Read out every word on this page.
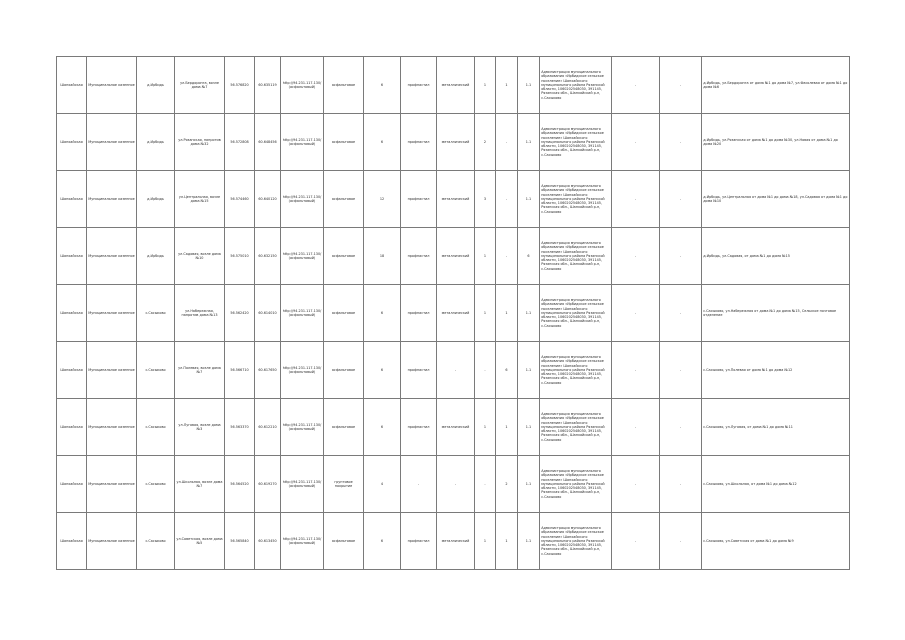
Шанхайская	Муниципальное казенное	д.Ирбидь	ул.Бердоронга, возле дома №7	56.576820	60.635119	http://94.231.117.130/ (асфальтовый)	асфальтовое	6	профнастил	металлический	1	1	1.1	Администрация муниципального образования «Ирбидское сельское поселение» Шанхайского муниципального района Рязанской области, 1060202548030, 391145, Рязанская обл., Шанхайский р-н, с.Сасыково	-	-	д.Ирбидь, ул.Бердоронга от дома №1 до дома №7, ул.Фасолевая от дома №1 до дома №6
Шанхайская	Муниципальное казенное	д.Ирбидь	ул.Рязанская, напротив дома №32	56.572808	60.648456	http://94.231.117.130/ (асфальтовый)	асфальтовое	6	профнастил	металлический	2	-	1.1	Администрация муниципального образования «Ирбидское сельское поселение» Шанхайского муниципального района Рязанской области, 1060202548030, 391145, Рязанская обл., Шанхайский р-н, с.Сасыково	-	-	д.Ирбидь, ул.Рязанская от дома №1 до дома №30, ул.Новая от дома №1 до дома №20
Шанхайская	Муниципальное казенное	д.Ирбидь	ул.Центральная, возле дома №15	56.574460	60.640120	http://94.231.117.130/ (асфальтовый)	асфальтовое	12	профнастил	металлический	3	-	1.1	Администрация муниципального образования «Ирбидское сельское поселение» Шанхайского муниципального района Рязанской области, 1060202548030, 391145, Рязанская обл., Шанхайский р-н, с.Сасыково	-	-	д.Ирбидь, ул.Центральная от дома №1 до дома №18, ул.Садовая от дома №1 до дома №10
Шанхайская	Муниципальное казенное	д.Ирбидь	ул.Садовая, возле дома №10	56.575010	60.632150	http://94.231.117.130/ (асфальтовый)	асфальтовое	18	профнастил	металлический	1	-	6	Администрация муниципального образования «Ирбидское сельское поселение» Шанхайского муниципального района Рязанской области, 1060202548030, 391145, Рязанская обл., Шанхайский р-н, с.Сасыково	-	-	д.Ирбидь, ул.Садовая, от дома №1 до дома №15
Шанхайская	Муниципальное казенное	с.Сасыково	ул.Набережная, напротив дома №13	56.562420	60.614010	http://94.231.117.130/ (асфальтовый)	асфальтовое	6	профнастил	металлический	1	1	1.1	Администрация муниципального образования «Ирбидское сельское поселение» Шанхайского муниципального района Рязанской области, 1060202548030, 391145, Рязанская обл., Шанхайский р-н, с.Сасыково	-	-	с.Сасыково, ул.Набережная от дома №1 до дома №15, Сельское почтовое отделение
Шанхайская	Муниципальное казенное	с.Сасыково	ул.Полевая, возле дома №7	56.566710	60.617650	http://94.231.117.130/ (асфальтовый)	асфальтовое	6	профнастил	-	-	6	1.1	Администрация муниципального образования «Ирбидское сельское поселение» Шанхайского муниципального района Рязанской области, 1060202548030, 391145, Рязанская обл., Шанхайский р-н, с.Сасыково	-	-	с.Сасыково, ул.Полевая от дома №1 до дома №12
Шанхайская	Муниципальное казенное	с.Сасыково	ул.Луговая, возле дома №3	56.563370	60.612210	http://94.231.117.130/ (асфальтовый)	асфальтовое	6	профнастил	металлический	1	1	1.1	Администрация муниципального образования «Ирбидское сельское поселение» Шанхайского муниципального района Рязанской области, 1060202548030, 391145, Рязанская обл., Шанхайский р-н, с.Сасыково	-	-	с.Сасыково, ул.Луговая, от дома №1 до дома №11
Шанхайская	Муниципальное казенное	с.Сасыково	ул.Школьная, возле дома №7	56.564520	60.619270	http://94.231.117.130/ (асфальтовый)	грунтовое покрытие	4	-	-	-	2	1.1	Администрация муниципального образования «Ирбидское сельское поселение» Шанхайского муниципального района Рязанской области, 1060202548030, 391145, Рязанская обл., Шанхайский р-н, с.Сасыково	-	-	с.Сасыково, ул.Школьная, от дома №1 до дома №12
Шанхайская	Муниципальное казенное	с.Сасыково	ул.Советская, возле дома №5	56.565840	60.613450	http://94.231.117.130/ (асфальтовый)	асфальтовое	6	профнастил	металлический	1	1	1.1	Администрация муниципального образования «Ирбидское сельское поселение» Шанхайского муниципального района Рязанской области, 1060202548030, 391145, Рязанская обл., Шанхайский р-н, с.Сасыково	-	-	с.Сасыково, ул.Советская от дома №1 до дома №9
